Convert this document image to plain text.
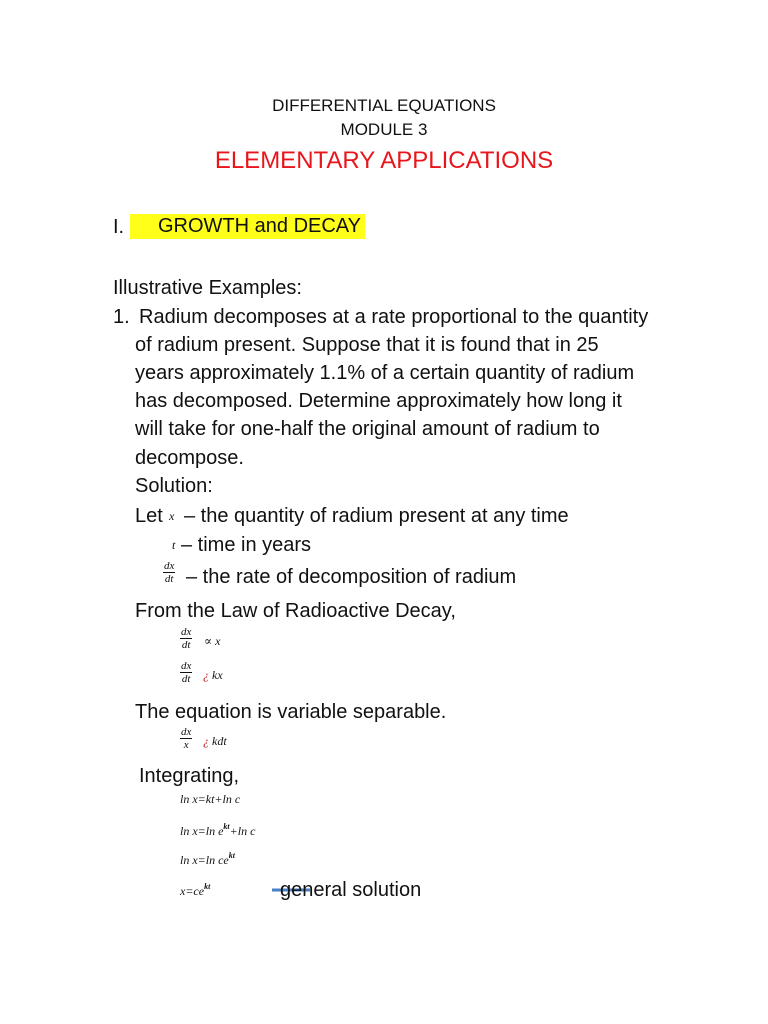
DIFFERENTIAL EQUATIONS
MODULE 3
ELEMENTARY APPLICATIONS
I.	GROWTH and DECAY
Illustrative Examples:
1. Radium decomposes at a rate proportional to the quantity
of radium present. Suppose that it is found that in 25
years approximately 1.1% of a certain quantity of radium
has decomposed. Determine approximately how long it
will take for one-half the original amount of radium to
decompose.
Solution:
Let x – the quantity of radium present at any time
t – time in years
$\frac{dx}{dt}$ – the rate of decomposition of radium
From the Law of Radioactive Decay,
$\frac{dx}{dt} \propto x$
$\frac{dx}{dt}$ ¿ kx
The equation is variable separable.
$\frac{dx}{x}$ ¿ kdt
Integrating,
ln x=kt+ln c
ln x=ln $e^{kt}+\ln$ c
ln x=ln $ce^{kt}$
$x=ce^{kt}$	general solution
